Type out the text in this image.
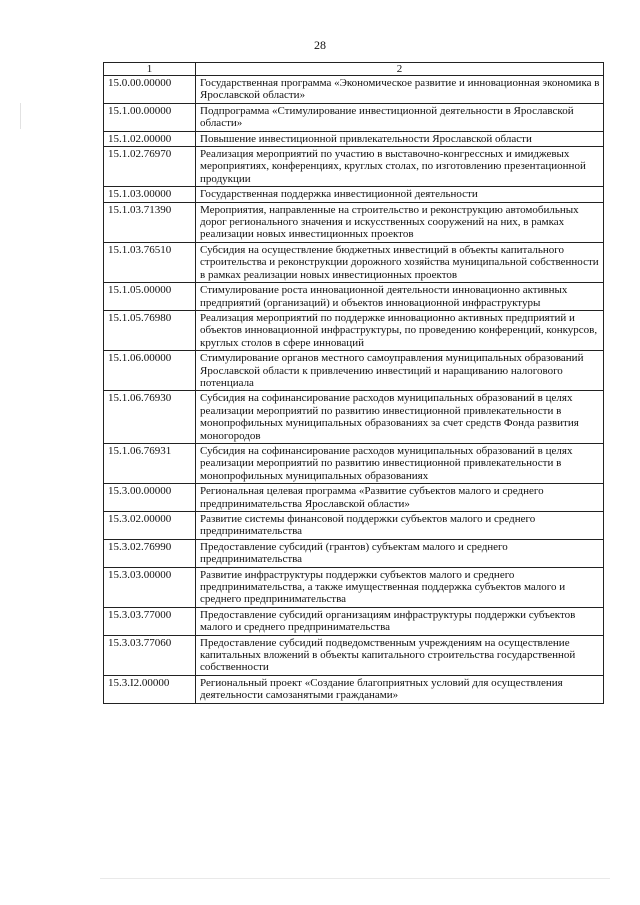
28
1	2
15.0.00.00000	Государственная программа «Экономическое развитие и инновационная экономика в Ярославской области»
15.1.00.00000	Подпрограмма «Стимулирование инвестиционной деятельности в Ярославской области»
15.1.02.00000	Повышение инвестиционной привлекательности Ярославской области
15.1.02.76970	Реализация мероприятий по участию в выставочно-конгрессных и имиджевых мероприятиях, конференциях, круглых столах, по изготовлению презентационной продукции
15.1.03.00000	Государственная поддержка инвестиционной деятельности
15.1.03.71390	Мероприятия, направленные на строительство и реконструкцию автомобильных дорог регионального значения и искусственных сооружений на них, в рамках реализации новых инвестиционных проектов
15.1.03.76510	Субсидия на осуществление бюджетных инвестиций в объекты капитального строительства и реконструкции дорожного хозяйства муниципальной собственности в рамках реализации новых инвестиционных проектов
15.1.05.00000	Стимулирование роста инновационной деятельности инновационно активных предприятий (организаций) и объектов инновационной инфраструктуры
15.1.05.76980	Реализация мероприятий по поддержке инновационно активных предприятий и объектов инновационной инфраструктуры, по проведению конференций, конкурсов, круглых столов в сфере инноваций
15.1.06.00000	Стимулирование органов местного самоуправления муниципальных образований Ярославской области к привлечению инвестиций и наращиванию налогового потенциала
15.1.06.76930	Субсидия на софинансирование расходов муниципальных образований в целях реализации мероприятий по развитию инвестиционной привлекательности в монопрофильных муниципальных образованиях за счет средств Фонда развития моногородов
15.1.06.76931	Субсидия на софинансирование расходов муниципальных образований в целях реализации мероприятий по развитию инвестиционной привлекательности в монопрофильных муниципальных образованиях
15.3.00.00000	Региональная целевая программа «Развитие субъектов малого и среднего предпринимательства Ярославской области»
15.3.02.00000	Развитие системы финансовой поддержки субъектов малого и среднего предпринимательства
15.3.02.76990	Предоставление субсидий (грантов) субъектам малого и среднего предпринимательства
15.3.03.00000	Развитие инфраструктуры поддержки субъектов малого и среднего предпринимательства, а также имущественная поддержка субъектов малого и среднего предпринимательства
15.3.03.77000	Предоставление субсидий организациям инфраструктуры поддержки субъектов малого и среднего предпринимательства
15.3.03.77060	Предоставление субсидий подведомственным учреждениям на осуществление капитальных вложений в объекты капитального строительства государственной собственности
15.3.I2.00000	Региональный проект «Создание благоприятных условий для осуществления деятельности самозанятыми гражданами»
